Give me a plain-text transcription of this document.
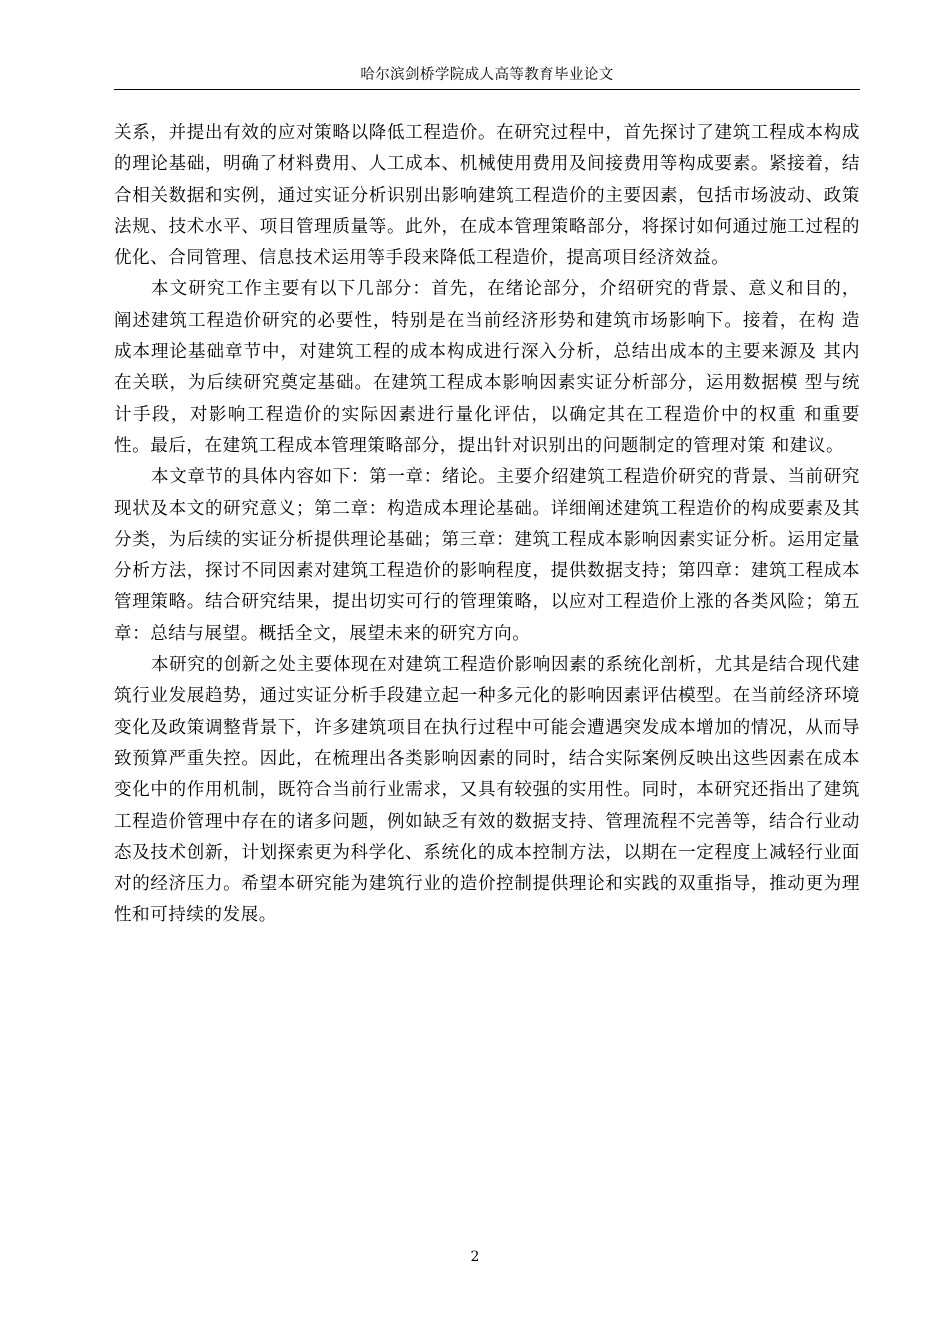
哈尔滨剑桥学院成人高等教育毕业论文

关系，并提出有效的应对策略以降低工程造价。在研究过程中，首先探讨了建筑工程成本构成的理论基础，明确了材料费用、人工成本、机械使用费用及间接费用等构成要素。紧接着，结合相关数据和实例，通过实证分析识别出影响建筑工程造价的主要因素，包括市场波动、政策法规、技术水平、项目管理质量等。此外，在成本管理策略部分，将探讨如何通过施工过程的优化、合同管理、信息技术运用等手段来降低工程造价，提高项目经济效益。

本文研究工作主要有以下几部分：首先，在绪论部分，介绍研究的背景、意义和目的， 阐述建筑工程造价研究的必要性，特别是在当前经济形势和建筑市场影响下。接着，在构 造成本理论基础章节中，对建筑工程的成本构成进行深入分析，总结出成本的主要来源及 其内在关联，为后续研究奠定基础。在建筑工程成本影响因素实证分析部分，运用数据模 型与统计手段，对影响工程造价的实际因素进行量化评估，以确定其在工程造价中的权重 和重要性。最后，在建筑工程成本管理策略部分，提出针对识别出的问题制定的管理对策 和建议。

本文章节的具体内容如下：第一章：绪论。主要介绍建筑工程造价研究的背景、当前研究现状及本文的研究意义；第二章：构造成本理论基础。详细阐述建筑工程造价的构成要素及其分类，为后续的实证分析提供理论基础；第三章：建筑工程成本影响因素实证分析。运用定量分析方法，探讨不同因素对建筑工程造价的影响程度，提供数据支持；第四章：建筑工程成本管理策略。结合研究结果，提出切实可行的管理策略，以应对工程造价上涨的各类风险；第五章：总结与展望。概括全文，展望未来的研究方向。

本研究的创新之处主要体现在对建筑工程造价影响因素的系统化剖析，尤其是结合现代建筑行业发展趋势，通过实证分析手段建立起一种多元化的影响因素评估模型。在当前经济环境变化及政策调整背景下，许多建筑项目在执行过程中可能会遭遇突发成本增加的情况，从而导致预算严重失控。因此，在梳理出各类影响因素的同时，结合实际案例反映出这些因素在成本变化中的作用机制，既符合当前行业需求，又具有较强的实用性。同时，本研究还指出了建筑工程造价管理中存在的诸多问题，例如缺乏有效的数据支持、管理流程不完善等，结合行业动态及技术创新，计划探索更为科学化、系统化的成本控制方法，以期在一定程度上减轻行业面对的经济压力。希望本研究能为建筑行业的造价控制提供理论和实践的双重指导，推动更为理性和可持续的发展。

2
